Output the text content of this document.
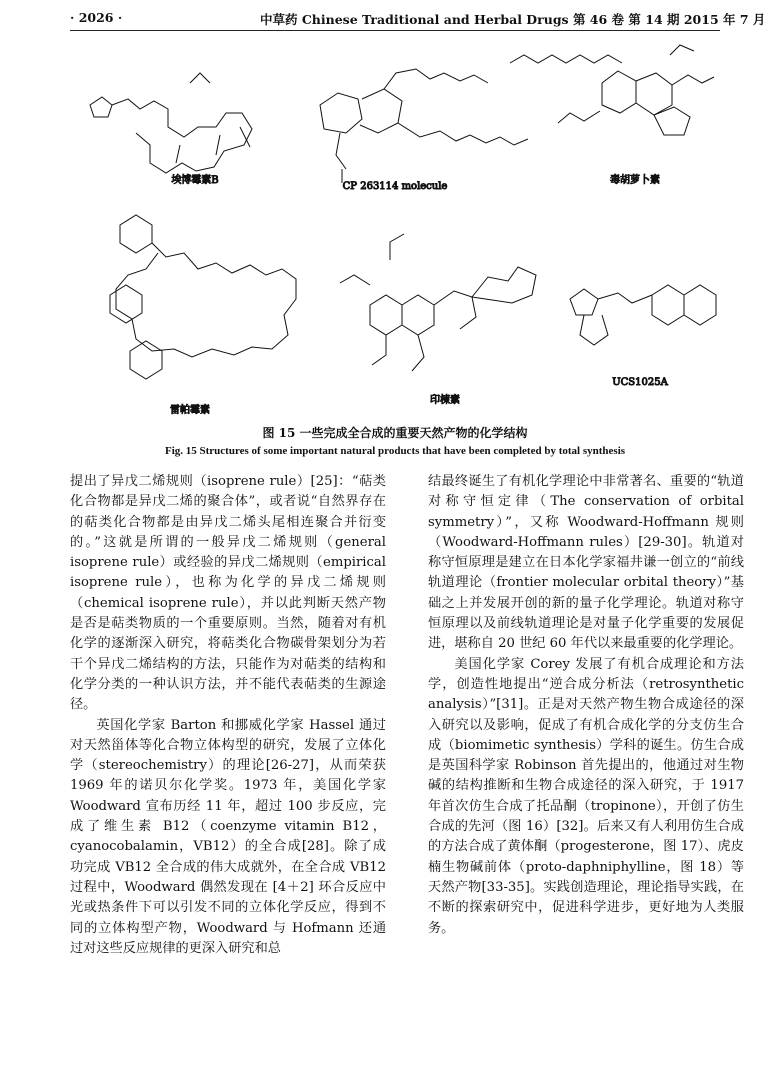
· 2026 ·	中草药 Chinese Traditional and Herbal Drugs 第 46 卷 第 14 期 2015 年 7 月
埃博霉素B
CP 263114 molecule
毒胡萝卜素
雷帕霉素
印楝素
UCS1025A
图 15 一些完成全合成的重要天然产物的化学结构
Fig. 15 Structures of some important natural products that have been completed by total synthesis

提出了异戊二烯规则（isoprene rule）[25]：“萜类化合物都是异戊二烯的聚合体”，或者说“自然界存在的萜类化合物都是由异戊二烯头尾相连聚合并衍变的。”这就是所谓的一般异戊二烯规则（general isoprene rule）或经验的异戊二烯规则（empirical isoprene rule），也称为化学的异戊二烯规则（chemical isoprene rule），并以此判断天然产物是否是萜类物质的一个重要原则。当然，随着对有机化学的逐渐深入研究，将萜类化合物碳骨架划分为若干个异戊二烯结构的方法，只能作为对萜类的结构和化学分类的一种认识方法，并不能代表萜类的生源途径。

英国化学家 Barton 和挪威化学家 Hassel 通过对天然甾体等化合物立体构型的研究，发展了立体化学（stereochemistry）的理论[26-27]，从而荣获 1969 年的诺贝尔化学奖。1973 年，美国化学家 Woodward 宣布历经 11 年，超过 100 步反应，完成了维生素 B12（coenzyme vitamin B12，cyanocobalamin，VB12）的全合成[28]。除了成功完成 VB12 全合成的伟大成就外，在全合成 VB12 过程中，Woodward 偶然发现在 [4＋2] 环合反应中光或热条件下可以引发不同的立体化学反应，得到不同的立体构型产物，Woodward 与 Hofmann 还通过对这些反应规律的更深入研究和总

结最终诞生了有机化学理论中非常著名、重要的“轨道对称守恒定律（The conservation of orbital symmetry）”，又称 Woodward-Hoffmann 规则（Woodward-Hoffmann rules）[29-30]。轨道对称守恒原理是建立在日本化学家福井谦一创立的“前线轨道理论（frontier molecular orbital theory）”基础之上并发展开创的新的量子化学理论。轨道对称守恒原理以及前线轨道理论是对量子化学重要的发展促进，堪称自 20 世纪 60 年代以来最重要的化学理论。

美国化学家 Corey 发展了有机合成理论和方法学，创造性地提出“逆合成分析法（retrosynthetic analysis）”[31]。正是对天然产物生物合成途径的深入研究以及影响，促成了有机合成化学的分支仿生合成（biomimetic synthesis）学科的诞生。仿生合成是英国科学家 Robinson 首先提出的，他通过对生物碱的结构推断和生物合成途径的深入研究，于 1917 年首次仿生合成了托品酮（tropinone），开创了仿生合成的先河（图 16）[32]。后来又有人利用仿生合成的方法合成了黄体酮（progesterone，图 17）、虎皮楠生物碱前体（proto-daphniphylline，图 18）等天然产物[33-35]。实践创造理论，理论指导实践，在不断的探索研究中，促进科学进步，更好地为人类服务。
